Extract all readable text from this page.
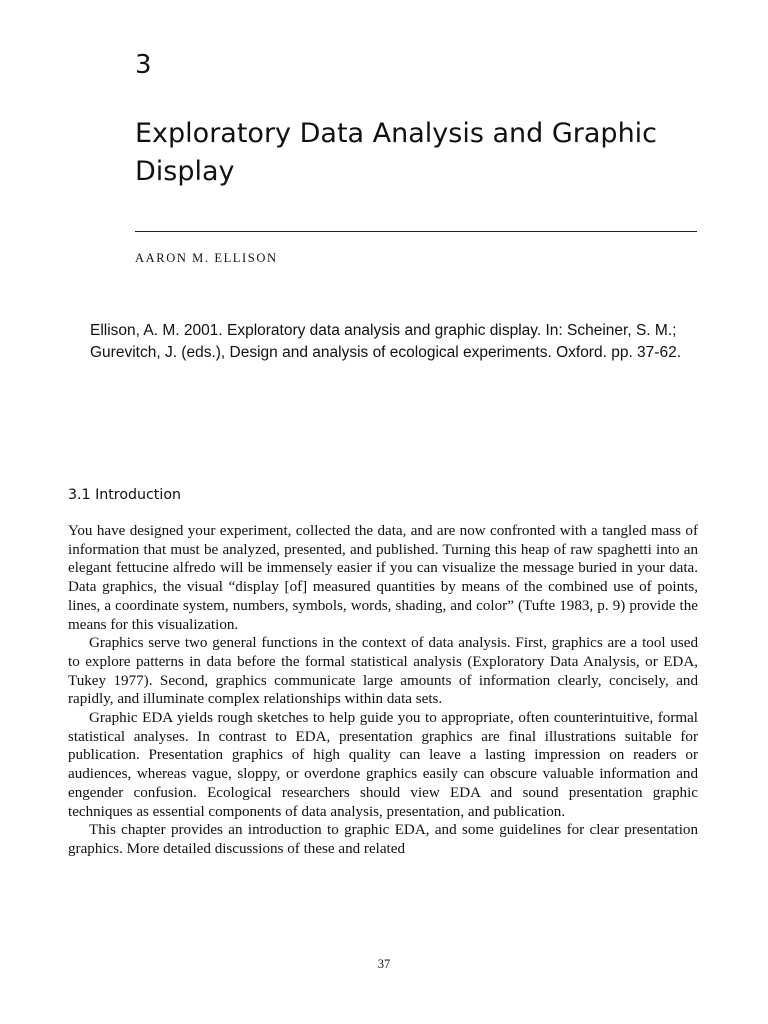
3
Exploratory Data Analysis and Graphic Display
AARON M. ELLISON

Ellison, A. M. 2001. Exploratory data analysis and graphic display. In: Scheiner, S. M.; Gurevitch, J. (eds.), Design and analysis of ecological experiments. Oxford. pp. 37-62.

3.1 Introduction

You have designed your experiment, collected the data, and are now confronted with a tangled mass of information that must be analyzed, presented, and published. Turning this heap of raw spaghetti into an elegant fettucine alfredo will be immensely easier if you can visualize the message buried in your data. Data graphics, the visual “display [of] measured quantities by means of the combined use of points, lines, a coordinate system, numbers, symbols, words, shading, and color” (Tufte 1983, p. 9) provide the means for this visualization.

Graphics serve two general functions in the context of data analysis. First, graphics are a tool used to explore patterns in data before the formal statistical analysis (Exploratory Data Analysis, or EDA, Tukey 1977). Second, graphics communicate large amounts of information clearly, concisely, and rapidly, and illuminate complex relationships within data sets.

Graphic EDA yields rough sketches to help guide you to appropriate, often counterintuitive, formal statistical analyses. In contrast to EDA, presentation graphics are final illustrations suitable for publication. Presentation graphics of high quality can leave a lasting impression on readers or audiences, whereas vague, sloppy, or overdone graphics easily can obscure valuable information and engender confusion. Ecological researchers should view EDA and sound presentation graphic techniques as essential components of data analysis, presentation, and publication.

This chapter provides an introduction to graphic EDA, and some guidelines for clear presentation graphics. More detailed discussions of these and related

37
